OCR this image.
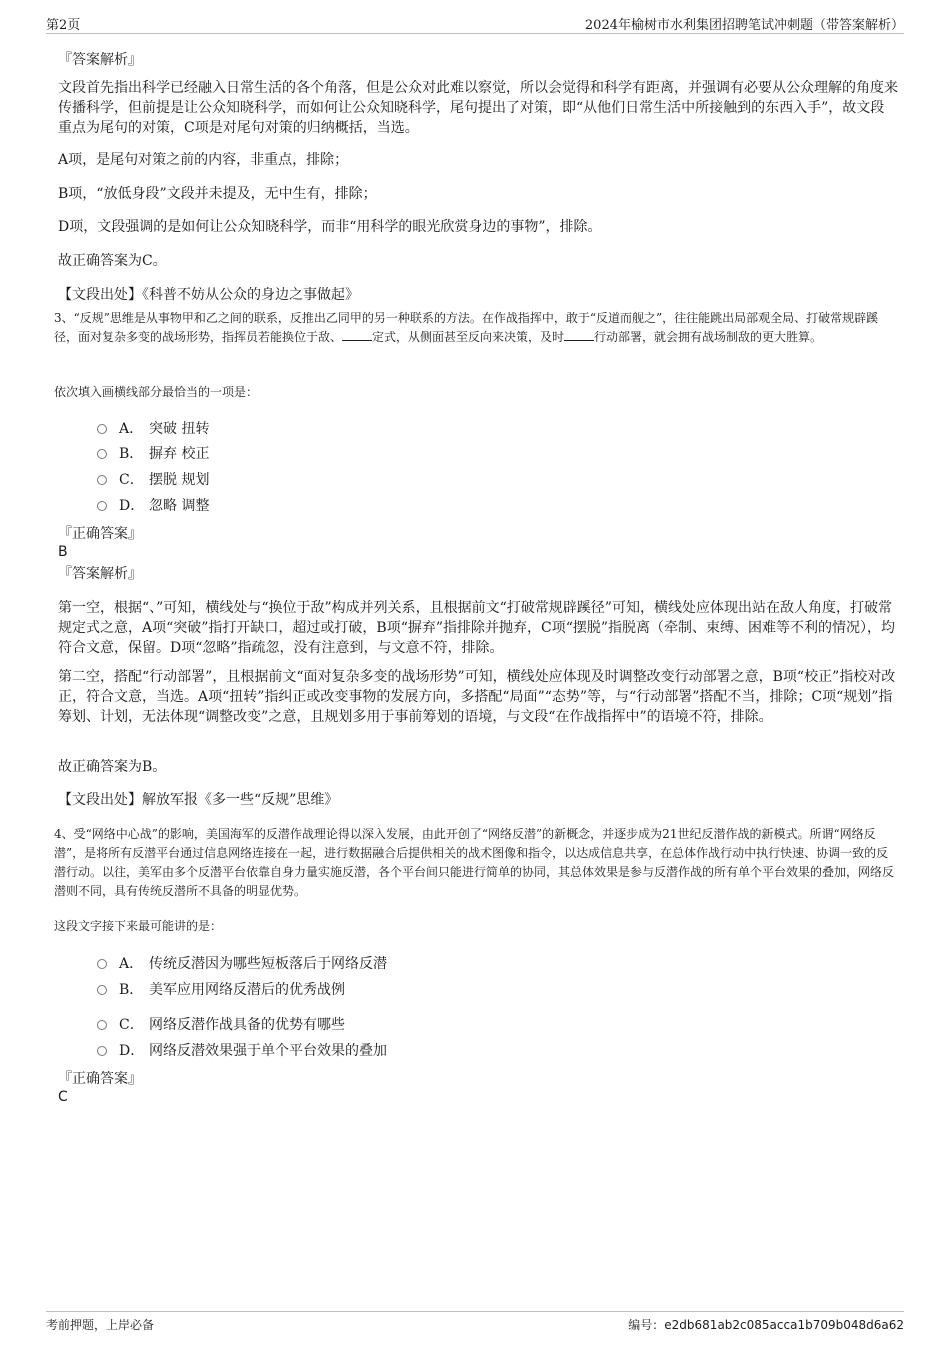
第2页	2024年榆树市水利集团招聘笔试冲刺题（带答案解析）

『答案解析』

文段首先指出科学已经融入日常生活的各个角落，但是公众对此难以察觉，所以会觉得和科学有距离，并强调有必要从公众理解的角度来传播科学，但前提是让公众知晓科学，而如何让公众知晓科学，尾句提出了对策，即“从他们日常生活中所接触到的东西入手”，故文段重点为尾句的对策，C项是对尾句对策的归纳概括，当选。

A项，是尾句对策之前的内容，非重点，排除；

B项，“放低身段”文段并未提及，无中生有，排除；

D项，文段强调的是如何让公众知晓科学，而非“用科学的眼光欣赏身边的事物”，排除。

故正确答案为C。

【文段出处】《科普不妨从公众的身边之事做起》

3、“反规”思维是从事物甲和乙之间的联系，反推出乙同甲的另一种联系的方法。在作战指挥中，敢于“反道而舰之”，往往能跳出局部观全局、打破常规辟蹊径，面对复杂多变的战场形势，指挥员若能换位于敌、	定式，从侧面甚至反向来决策，及时	行动部署，就会拥有战场制敌的更大胜算。

依次填入画横线部分最恰当的一项是：

A． 突破 扭转
B． 摒弃 校正
C． 摆脱 规划
D． 忽略 调整

『正确答案』

B

『答案解析』

第一空，根据“、”可知，横线处与“换位于敌”构成并列关系，且根据前文“打破常规辟蹊径”可知，横线处应体现出站在敌人角度，打破常规定式之意，A项“突破”指打开缺口，超过或打破，B项“摒弃”指排除并抛弃，C项“摆脱”指脱离（牵制、束缚、困难等不利的情况），均符合文意，保留。D项“忽略”指疏忽，没有注意到，与文意不符，排除。

第二空，搭配“行动部署”，且根据前文“面对复杂多变的战场形势”可知，横线处应体现及时调整改变行动部署之意，B项“校正”指校对改正，符合文意，当选。A项“扭转”指纠正或改变事物的发展方向，多搭配“局面”“态势”等，与“行动部署”搭配不当，排除；C项“规划”指筹划、计划，无法体现“调整改变”之意，且规划多用于事前筹划的语境，与文段“在作战指挥中”的语境不符，排除。

故正确答案为B。

【文段出处】解放军报《多一些“反规”思维》

4、受“网络中心战”的影响，美国海军的反潜作战理论得以深入发展，由此开创了“网络反潜”的新概念，并逐步成为21世纪反潜作战的新模式。所谓“网络反潜”，是将所有反潜平台通过信息网络连接在一起，进行数据融合后提供相关的战术图像和指令，以达成信息共享，在总体作战行动中执行快速、协调一致的反潜行动。以往，美军由多个反潜平台依靠自身力量实施反潜，各个平台间只能进行简单的协同，其总体效果是参与反潜作战的所有单个平台效果的叠加，网络反潜则不同，具有传统反潜所不具备的明显优势。

这段文字接下来最可能讲的是：

A． 传统反潜因为哪些短板落后于网络反潜
B． 美军应用网络反潜后的优秀战例
C． 网络反潜作战具备的优势有哪些
D． 网络反潜效果强于单个平台效果的叠加

『正确答案』

C

考前押题，上岸必备	编号：e2db681ab2c085acca1b709b048d6a62
